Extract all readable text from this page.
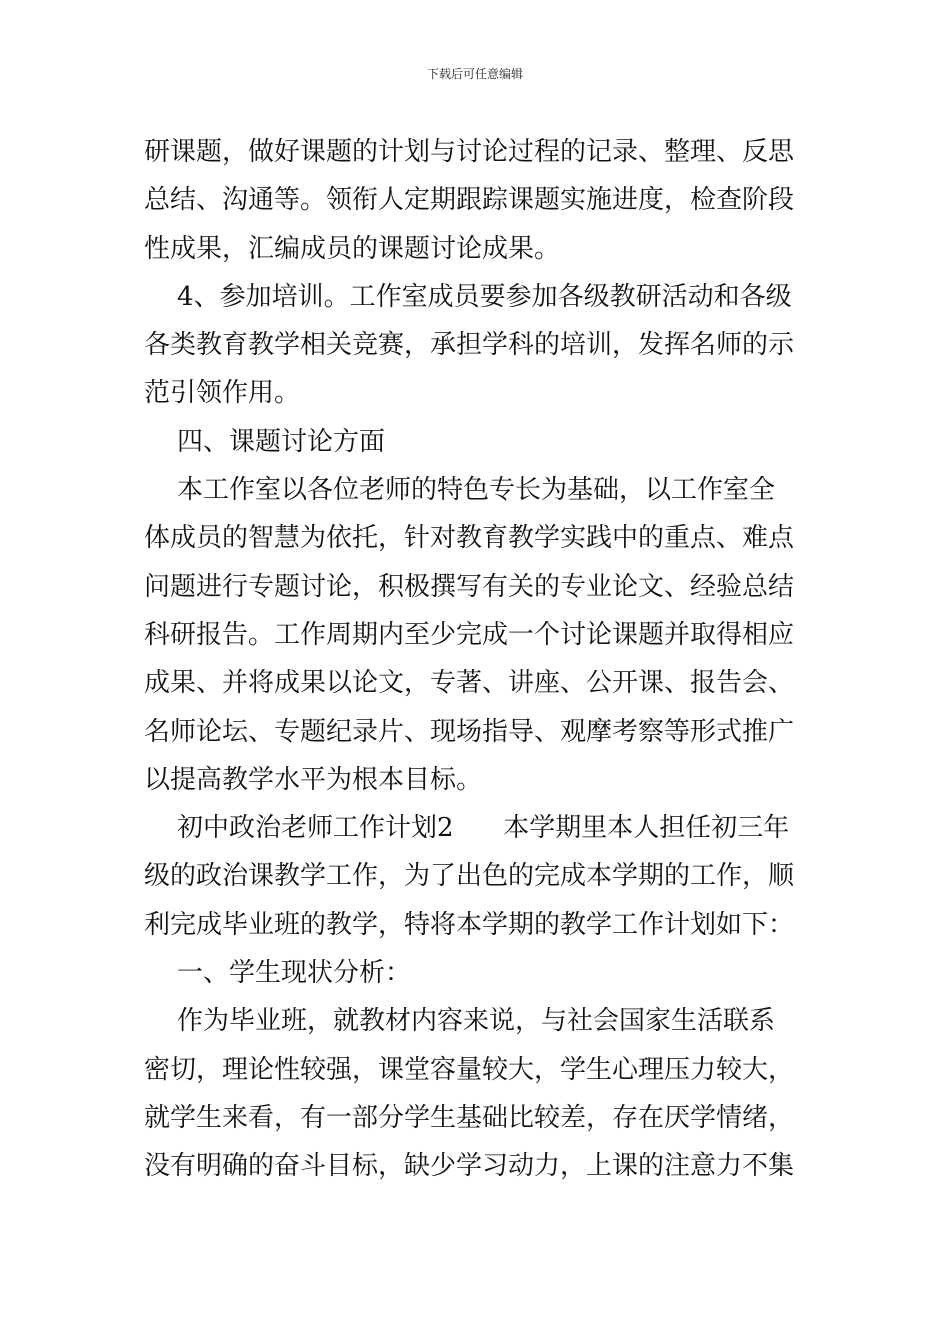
下载后可任意编辑
研课题，做好课题的计划与讨论过程的记录、整理、反思
总结、沟通等。领衔人定期跟踪课题实施进度，检查阶段
性成果，汇编成员的课题讨论成果。
4、参加培训。工作室成员要参加各级教研活动和各级
各类教育教学相关竞赛，承担学科的培训，发挥名师的示
范引领作用。
四、课题讨论方面
本工作室以各位老师的特色专长为基础，以工作室全
体成员的智慧为依托，针对教育教学实践中的重点、难点
问题进行专题讨论，积极撰写有关的专业论文、经验总结
科研报告。工作周期内至少完成一个讨论课题并取得相应
成果、并将成果以论文，专著、讲座、公开课、报告会、
名师论坛、专题纪录片、现场指导、观摩考察等形式推广
以提高教学水平为根本目标。
初中政治老师工作计划2      本学期里本人担任初三年
级的政治课教学工作，为了出色的完成本学期的工作，顺
利完成毕业班的教学，特将本学期的教学工作计划如下：
一、学生现状分析：
作为毕业班，就教材内容来说，与社会国家生活联系
密切，理论性较强，课堂容量较大，学生心理压力较大，
就学生来看，有一部分学生基础比较差，存在厌学情绪，
没有明确的奋斗目标，缺少学习动力，上课的注意力不集
